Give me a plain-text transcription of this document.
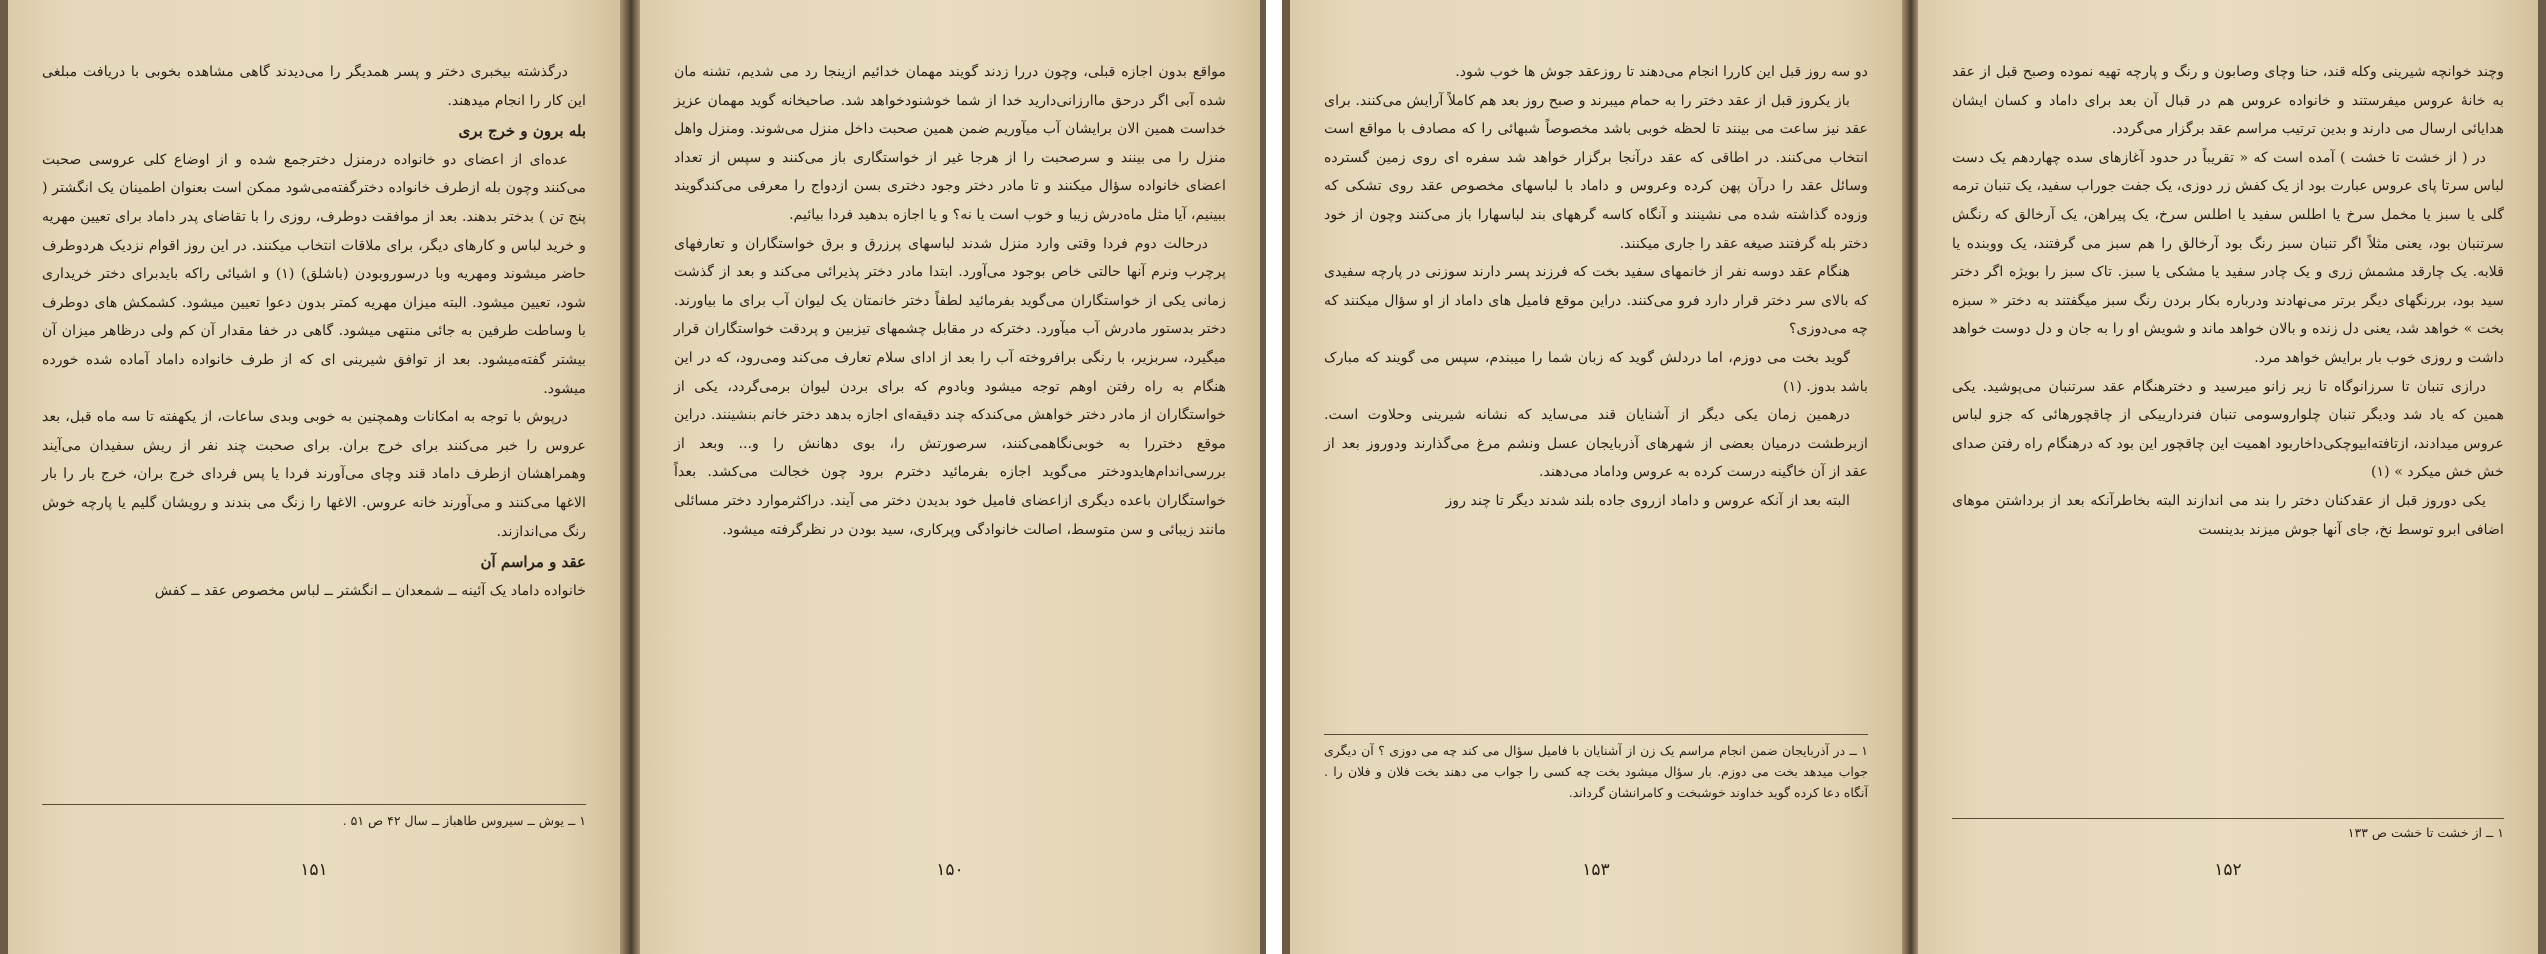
درگذشته بیخبری دختر و پسر همدیگر را می‌دیدند گاهی مشاهده بخوبی با دریافت مبلغی این کار را انجام میدهند.

بله برون و خرج بری

عده‌ای از اعضای دو خانواده درمنزل دخترجمع شده و از اوضاع کلی عروسی صحبت می‌کنند وچون بله ازطرف خانواده دخترگفته‌می‌شود ممکن است بعنوان اطمینان یک انگشتر ( پنج تن ) بدختر بدهند. بعد از موافقت دوطرف، روزی را با تقاضای پدر داماد برای تعیین مهریه و خرید لباس و کارهای دیگر، برای ملاقات انتخاب میکنند. در این روز اقوام نزدیک هردوطرف حاضر میشوند ومهریه وبا درسوروبودن (باشلق) (۱) و اشیائی راکه بایدبرای دختر خریداری شود، تعیین میشود. البته میزان مهریه کمتر بدون دعوا تعیین میشود. کشمکش های دوطرف با وساطت طرفین به جائی منتهی میشود. گاهی در خفا مقدار آن کم ولی درظاهر میزان آن بیشتر گفته‌میشود. بعد از توافق شیرینی ای که از طرف خانواده داماد آماده شده خورده میشود.

درپوش با توجه به امکانات وهمچنین به خوبی وبدی ساعات، از یکهفته تا سه ماه قبل، بعد عروس را خبر می‌کنند برای خرج بران. برای صحبت چند نفر از ریش سفیدان می‌آیند وهمراهشان ازطرف داماد قند وچای می‌آورند فردا یا پس فردای خرج بران، خرج بار را بار الاغها می‌کنند و می‌آورند خانه عروس. الاغها را زنگ می بندند و رویشان گلیم یا پارچه خوش رنگ می‌اندازند.

عقد و مراسم آن

خانواده داماد یک آئینه ــ شمعدان ــ انگشتر ــ لباس مخصوص عقد ــ کفش

۱ ــ یوش ــ سیروس طاهباز ــ سال ۴۲ ص ۵۱ .
۱۵۱

مواقع بدون اجازه قبلی، وچون دررا زدند گویند مهمان خدائیم ازینجا رد می شدیم، تشنه مان شده آبی اگر درحق ماارزانی‌دارید خدا از شما خوشنودخواهد شد. صاحبخانه گوید مهمان عزیز خداست همین الان برایشان آب میآوریم ضمن همین صحبت داخل منزل می‌شوند. ومنزل واهل منزل را می بینند و سرصحبت را از هرجا غیر از خواستگاری باز می‌کنند و سپس از تعداد اعضای خانواده سؤال میکنند و تا مادر دختر وجود دختری بسن ازدواج را معرفی می‌کندگویند ببینیم، آیا مثل ماه‌درش زیبا و خوب است یا نه؟ و یا اجازه بدهید فردا بیائیم.

درحالت دوم فردا وقتی وارد منزل شدند لباسهای پرزرق و برق خواستگاران و تعارفهای پرچرب ونرم آنها حالتی خاص بوجود می‌آورد. ابتدا مادر دختر پذیرائی می‌کند و بعد از گذشت زمانی یکی از خواستگاران می‌گوید بفرمائید لطفاً دختر خانمتان یک لیوان آب برای ما بیاورند. دختر بدستور مادرش آب میآورد. دخترکه در مقابل چشمهای تیزبین و پردقت خواستگاران قرار میگیرد، سربزیر، با رنگی برافروخته آب را بعد از ادای سلام تعارف می‌کند ومی‌رود، که در این هنگام به راه رفتن اوهم توجه میشود وبادوم که برای بردن لیوان برمی‌گردد، یکی از خواستگاران از مادر دختر خواهش می‌کندکه چند دقیقه‌ای اجازه بدهد دختر خانم بنشینند. دراین موقع دختررا به خوبی‌نگاهمی‌کنند، سرصورتش را، بوی دهانش را و... وبعد از بررسی‌اندام‌هایدودختر می‌گوید اجازه بفرمائید دخترم برود چون خجالت می‌کشد. بعداً خواستگاران باعده دیگری ازاعضای فامیل خود بدیدن دختر می آیند. دراکثرموارد دختر مسائلی مانند زیبائی و سن متوسط، اصالت خانوادگی وپرکاری، سید بودن در نظرگرفته میشود.

۱۵۰

دو سه روز قبل این کاررا انجام می‌دهند تا روزعقد جوش ها خوب شود.

باز یکروز قبل از عقد دختر را به حمام میبرند و صبح روز بعد هم کاملاً آرایش می‌کنند. برای عقد نیز ساعت می بینند تا لحظه خوبی باشد مخصوصاً شبهائی را که مصادف با مواقع است انتخاب می‌کنند. در اطاقی که عقد درآنجا برگزار خواهد شد سفره ای روی زمین گسترده وسائل عقد را درآن پهن کرده وعروس و داماد با لباسهای مخصوص عقد روی تشکی که وزوده گذاشته شده می نشینند و آنگاه کاسه گرههای بند لباسهارا باز می‌کنند وچون از خود دختر بله گرفتند صیغه عقد را جاری میکنند.

هنگام عقد دوسه نفر از خانمهای سفید بخت که فرزند پسر دارند سوزنی در پارچه سفیدی که بالای سر دختر قرار دارد فرو می‌کنند. دراین موقع فامیل های داماد از او سؤال میکنند که چه می‌دوزی؟

گوید بخت می دوزم، اما دردلش گوید که زبان شما را میبندم، سپس می گویند که مبارک باشد بدوز. (۱)

درهمین زمان یکی دیگر از آشنایان قند می‌ساید که نشانه شیرینی وحلاوت است. ازبرطشت درمیان بعضی از شهرهای آذربایجان عسل ونشم مرغ می‌گذارند ودوروز بعد از عقد از آن خاگینه درست کرده به عروس وداماد می‌دهند.

البته بعد از آنکه عروس و داماد ازروی جاده بلند شدند دیگر تا چند روز

۱ ــ در آذربایجان ضمن انجام مراسم یک زن از آشنایان با فامیل سؤال می کند چه می دوزی ؟ آن دیگری جواب میدهد بخت می دوزم. بار سؤال میشود بخت چه کسی را جواب می دهند بخت فلان و فلان را . آنگاه دعا کرده گوید خداوند خوشبخت و کامرانشان گرداند.
۱۵۳

وچند خوانچه شیرینی وکله قند، حنا وچای وصابون و رنگ و پارچه تهیه نموده وصبح قبل از عقد به خانهٔ عروس میفرستند و خانواده عروس هم در قبال آن بعد برای داماد و کسان ایشان هدایائی ارسال می دارند و بدین ترتیب مراسم عقد برگزار می‌گردد.

در ( از خشت تا خشت ) آمده است که « تقریباً در حدود آغازهای سده چهاردهم یک دست لباس سرتا پای عروس عبارت بود از یک کفش زر دوزی، یک جفت جوراب سفید، یک تنبان ترمه گلی یا سبز یا مخمل سرخ یا اطلس سفید یا اطلس سرخ، یک پیراهن، یک آرخالق که رنگش سرتنبان بود، یعنی مثلاً اگر تنبان سبز رنگ بود آرخالق را هم سبز می گرفتند، یک ووبنده یا قلابه. یک چارقد مشمش زری و یک چادر سفید یا مشکی یا سبز. تاک سبز را بویژه اگر دختر سید بود، بررنگهای دیگر برتر می‌نهادند ودرباره بکار بردن رنگ سبز میگفتند به دختر « سبزه بخت » خواهد شد، یعنی دل زنده و بالان خواهد ماند و شویش او را به جان و دل دوست خواهد داشت و روزی خوب بار برایش خواهد مرد.

درازی تنبان تا سرزانوگاه تا زیر زانو میرسید و دخترهنگام عقد سرتنبان می‌پوشید. یکی همین که یاد شد ودیگر تنبان چلواروسومی تنبان فنردارییکی از چاقچورهائی که جزو لباس عروس میدادند، ازتافته‌ابیوچکی‌داخاربود اهمیت این چاقچور این بود که درهنگام راه رفتن صدای خش خش میکرد » (۱)

یکی دوروز قبل از عقدکنان دختر را بند می اندازند البته بخاطرآنکه بعد از برداشتن موهای اضافی ابرو توسط نخ، جای آنها جوش میزند بدینست

۱ ــ از خشت تا خشت ص ۱۳۳
۱۵۲
